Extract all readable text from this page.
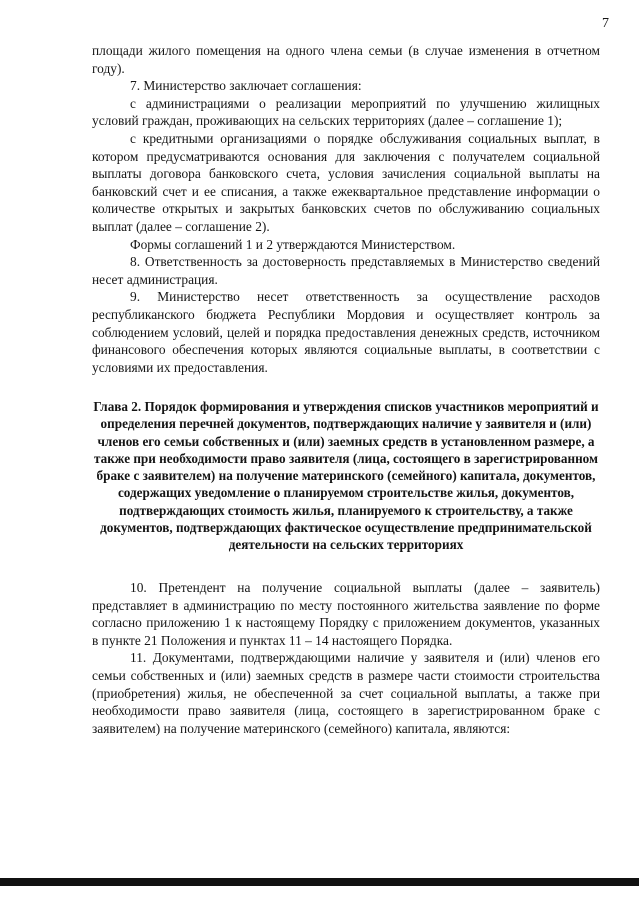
7

площади жилого помещения на одного члена семьи (в случае изменения в отчетном году).

7. Министерство заключает соглашения:

с администрациями о реализации мероприятий по улучшению жилищных условий граждан, проживающих на сельских территориях (далее – соглашение 1);

с кредитными организациями о порядке обслуживания социальных выплат, в котором предусматриваются основания для заключения с получателем социальной выплаты договора банковского счета, условия зачисления социальной выплаты на банковский счет и ее списания, а также ежеквартальное представление информации о количестве открытых и закрытых банковских счетов по обслуживанию социальных выплат (далее – соглашение 2).

Формы соглашений 1 и 2 утверждаются Министерством.

8. Ответственность за достоверность представляемых в Министерство сведений несет администрация.

9. Министерство несет ответственность за осуществление расходов республиканского бюджета Республики Мордовия и осуществляет контроль за соблюдением условий, целей и порядка предоставления денежных средств, источником финансового обеспечения которых являются социальные выплаты, в соответствии с условиями их предоставления.

Глава 2. Порядок формирования и утверждения списков участников мероприятий и определения перечней документов, подтверждающих наличие у заявителя и (или) членов его семьи собственных и (или) заемных средств в установленном размере, а также при необходимости право заявителя (лица, состоящего в зарегистрированном браке с заявителем) на получение материнского (семейного) капитала, документов, содержащих уведомление о планируемом строительстве жилья, документов, подтверждающих стоимость жилья, планируемого к строительству, а также документов, подтверждающих фактическое осуществление предпринимательской деятельности на сельских территориях

10. Претендент на получение социальной выплаты (далее – заявитель) представляет в администрацию по месту постоянного жительства заявление по форме согласно приложению 1 к настоящему Порядку с приложением документов, указанных в пункте 21 Положения и пунктах 11 – 14 настоящего Порядка.

11. Документами, подтверждающими наличие у заявителя и (или) членов его семьи собственных и (или) заемных средств в размере части стоимости строительства (приобретения) жилья, не обеспеченной за счет социальной выплаты, а также при необходимости право заявителя (лица, состоящего в зарегистрированном браке с заявителем) на получение материнского (семейного) капитала, являются:
